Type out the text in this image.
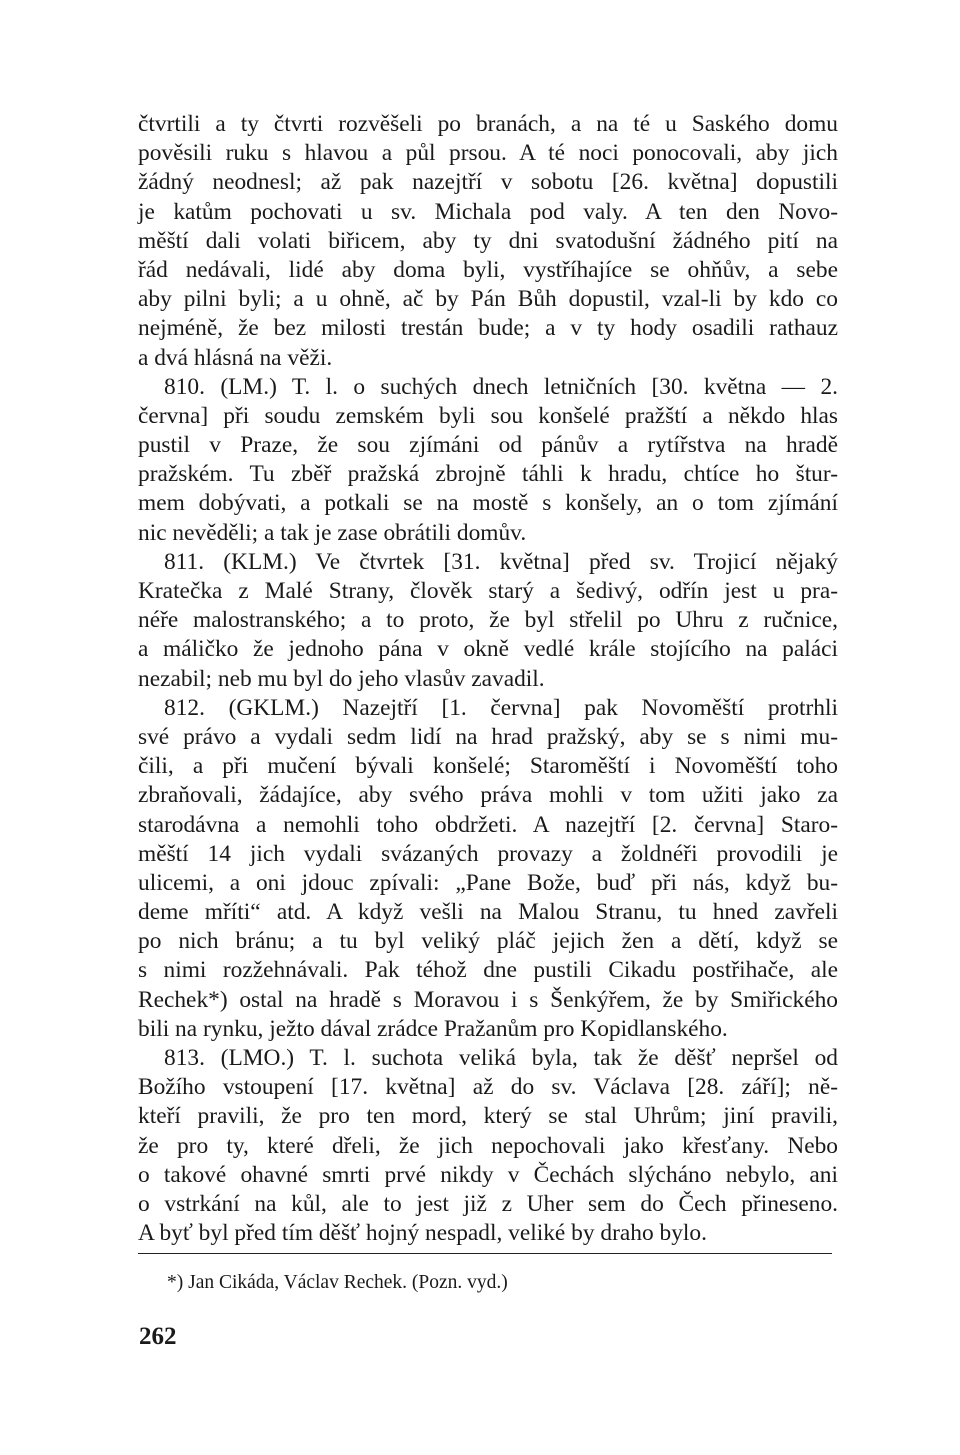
čtvrtili a ty čtvrti rozvěšeli po branách, a na té u Saského domu
pověsili ruku s hlavou a půl prsou. A té noci ponocovali, aby jich
žádný neodnesl; až pak nazejtří v sobotu [26. května] dopustili
je katům pochovati u sv. Michala pod valy. A ten den Novo-
měští dali volati biřicem, aby ty dni svatodušní žádného pití na
řád nedávali, lidé aby doma byli, vystříhajíce se ohňův, a sebe
aby pilni byli; a u ohně, ač by Pán Bůh dopustil, vzal-li by kdo co
nejméně, že bez milosti trestán bude; a v ty hody osadili rathauz
a dvá hlásná na věži.
810. (LM.) T. l. o suchých dnech letničních [30. května — 2.
června] při soudu zemském byli sou konšelé pražští a někdo hlas
pustil v Praze, že sou zjímáni od pánův a rytířstva na hradě
pražském. Tu zběř pražská zbrojně táhli k hradu, chtíce ho štur-
mem dobývati, a potkali se na mostě s konšely, an o tom zjímání
nic nevěděli; a tak je zase obrátili domův.
811. (KLM.) Ve čtvrtek [31. května] před sv. Trojicí nějaký
Kratečka z Malé Strany, člověk starý a šedivý, odřín jest u pra-
néře malostranského; a to proto, že byl střelil po Uhru z ručnice,
a máličko že jednoho pána v okně vedlé krále stojícího na paláci
nezabil; neb mu byl do jeho vlasův zavadil.
812. (GKLM.) Nazejtří [1. června] pak Novoměští protrhli
své právo a vydali sedm lidí na hrad pražský, aby se s nimi mu-
čili, a při mučení bývali konšelé; Staroměští i Novoměští toho
zbraňovali, žádajíce, aby svého práva mohli v tom užiti jako za
starodávna a nemohli toho obdržeti. A nazejtří [2. června] Staro-
měští 14 jich vydali svázaných provazy a žoldnéři provodili je
ulicemi, a oni jdouc zpívali: „Pane Bože, buď při nás, když bu-
deme mříti“ atd. A když vešli na Malou Stranu, tu hned zavřeli
po nich bránu; a tu byl veliký pláč jejich žen a dětí, když se
s nimi rozžehnávali. Pak téhož dne pustili Cikadu postřihače, ale
Rechek*) ostal na hradě s Moravou i s Šenkýřem, že by Smiřického
bili na rynku, ježto dával zrádce Pražanům pro Kopidlanského.
813. (LMO.) T. l. suchota veliká byla, tak že děšť nepršel od
Božího vstoupení [17. května] až do sv. Václava [28. září]; ně-
kteří pravili, že pro ten mord, který se stal Uhrům; jiní pravili,
že pro ty, které dřeli, že jich nepochovali jako křesťany. Nebo
o takové ohavné smrti prvé nikdy v Čechách slýcháno nebylo, ani
o vstrkání na kůl, ale to jest již z Uher sem do Čech přineseno.
A byť byl před tím děšť hojný nespadl, veliké by draho bylo.
*) Jan Cikáda, Václav Rechek. (Pozn. vyd.)
262
